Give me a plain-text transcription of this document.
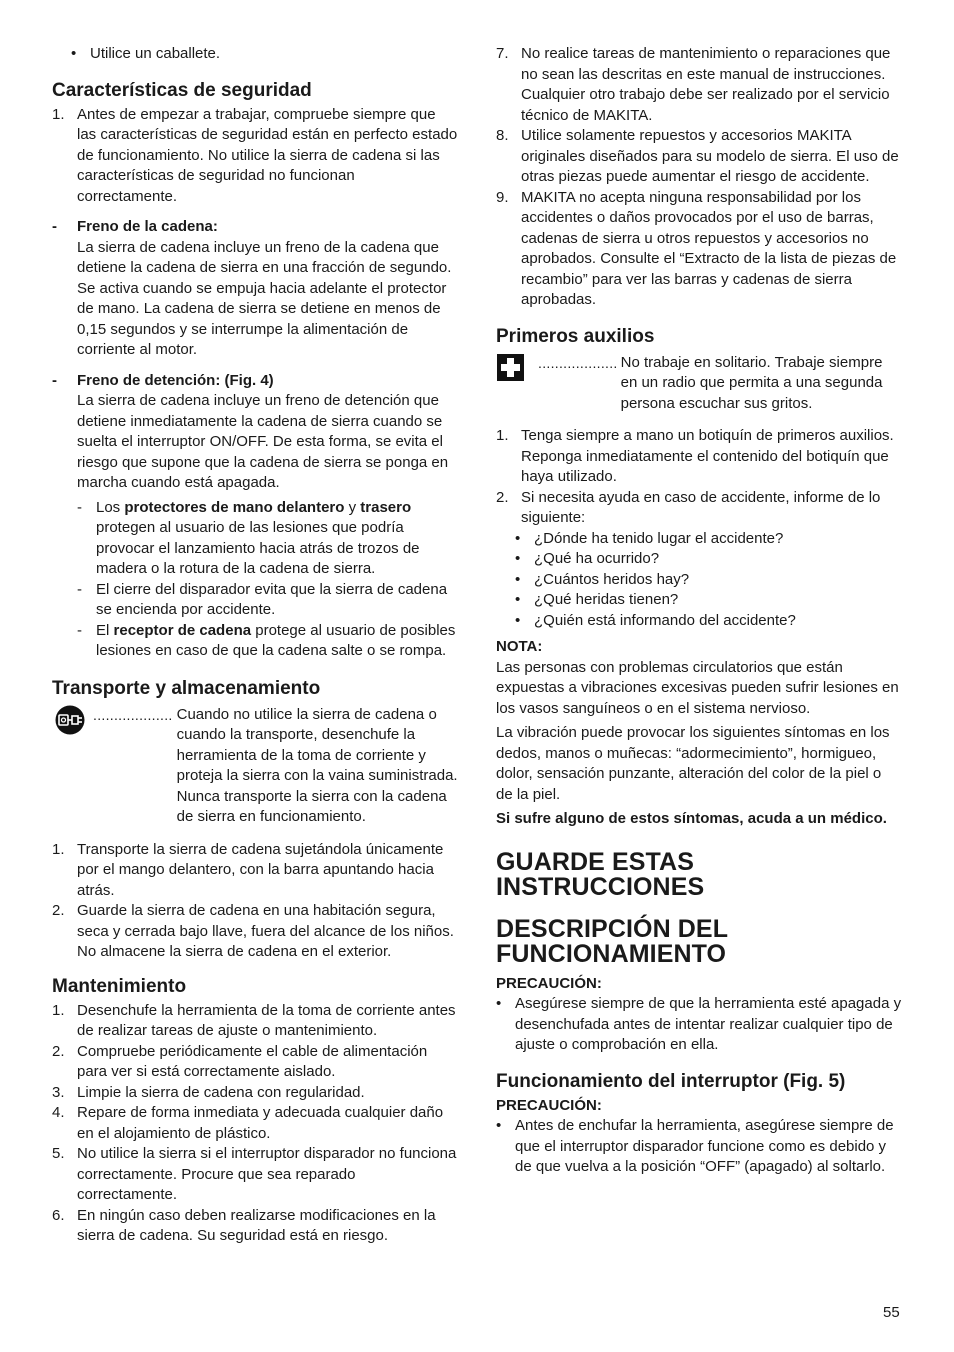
• Utilice un caballete.
Características de seguridad
1. Antes de empezar a trabajar, compruebe siempre que las características de seguridad están en perfecto estado de funcionamiento. No utilice la sierra de cadena si las características de seguridad no funcionan correctamente.
-	Freno de la cadena:
La sierra de cadena incluye un freno de la cadena que detiene la cadena de sierra en una fracción de segundo. Se activa cuando se empuja hacia adelante el protector de mano. La cadena de sierra se detiene en menos de 0,15 segundos y se interrumpe la alimentación de corriente al motor.
-	Freno de detención: (Fig. 4)
La sierra de cadena incluye un freno de detención que detiene inmediatamente la cadena de sierra cuando se suelta el interruptor ON/OFF. De esta forma, se evita el riesgo que supone que la cadena de sierra se ponga en marcha cuando está apagada.
- Los protectores de mano delantero y trasero protegen al usuario de las lesiones que podría provocar el lanzamiento hacia atrás de trozos de madera o la rotura de la cadena de sierra.
- El cierre del disparador evita que la sierra de cadena se encienda por accidente.
- El receptor de cadena protege al usuario de posibles lesiones en caso de que la cadena salte o se rompa.
Transporte y almacenamiento
................... Cuando no utilice la sierra de cadena o cuando la transporte, desenchufe la herramienta de la toma de corriente y proteja la sierra con la vaina suministrada. Nunca transporte la sierra con la cadena de sierra en funcionamiento.
1. Transporte la sierra de cadena sujetándola únicamente por el mango delantero, con la barra apuntando hacia atrás.
2. Guarde la sierra de cadena en una habitación segura, seca y cerrada bajo llave, fuera del alcance de los niños. No almacene la sierra de cadena en el exterior.
Mantenimiento
1. Desenchufe la herramienta de la toma de corriente antes de realizar tareas de ajuste o mantenimiento.
2. Compruebe periódicamente el cable de alimentación para ver si está correctamente aislado.
3. Limpie la sierra de cadena con regularidad.
4. Repare de forma inmediata y adecuada cualquier daño en el alojamiento de plástico.
5. No utilice la sierra si el interruptor disparador no funciona correctamente. Procure que sea reparado correctamente.
6. En ningún caso deben realizarse modificaciones en la sierra de cadena. Su seguridad está en riesgo.
7. No realice tareas de mantenimiento o reparaciones que no sean las descritas en este manual de instrucciones. Cualquier otro trabajo debe ser realizado por el servicio técnico de MAKITA.
8. Utilice solamente repuestos y accesorios MAKITA originales diseñados para su modelo de sierra. El uso de otras piezas puede aumentar el riesgo de accidente.
9. MAKITA no acepta ninguna responsabilidad por los accidentes o daños provocados por el uso de barras, cadenas de sierra u otros repuestos y accesorios no aprobados. Consulte el “Extracto de la lista de piezas de recambio” para ver las barras y cadenas de sierra aprobadas.
Primeros auxilios
................... No trabaje en solitario. Trabaje siempre en un radio que permita a una segunda persona escuchar sus gritos.
1. Tenga siempre a mano un botiquín de primeros auxilios. Reponga inmediatamente el contenido del botiquín que haya utilizado.
2. Si necesita ayuda en caso de accidente, informe de lo siguiente:
• ¿Dónde ha tenido lugar el accidente?
• ¿Qué ha ocurrido?
• ¿Cuántos heridos hay?
• ¿Qué heridas tienen?
• ¿Quién está informando del accidente?
NOTA:

Las personas con problemas circulatorios que están expuestas a vibraciones excesivas pueden sufrir lesiones en los vasos sanguíneos o en el sistema nervioso.

La vibración puede provocar los siguientes síntomas en los dedos, manos o muñecas: “adormecimiento”, hormigueo, dolor, sensación punzante, alteración del color de la piel o de la piel.

Si sufre alguno de estos síntomas, acuda a un médico.

GUARDE ESTAS
INSTRUCCIONES
DESCRIPCIÓN DEL
FUNCIONAMIENTO
PRECAUCIÓN:
• Asegúrese siempre de que la herramienta esté apagada y desenchufada antes de intentar realizar cualquier tipo de ajuste o comprobación en ella.
Funcionamiento del interruptor (Fig. 5)
PRECAUCIÓN:
• Antes de enchufar la herramienta, asegúrese siempre de que el interruptor disparador funcione como es debido y de que vuelva a la posición “OFF” (apagado) al soltarlo.
55
